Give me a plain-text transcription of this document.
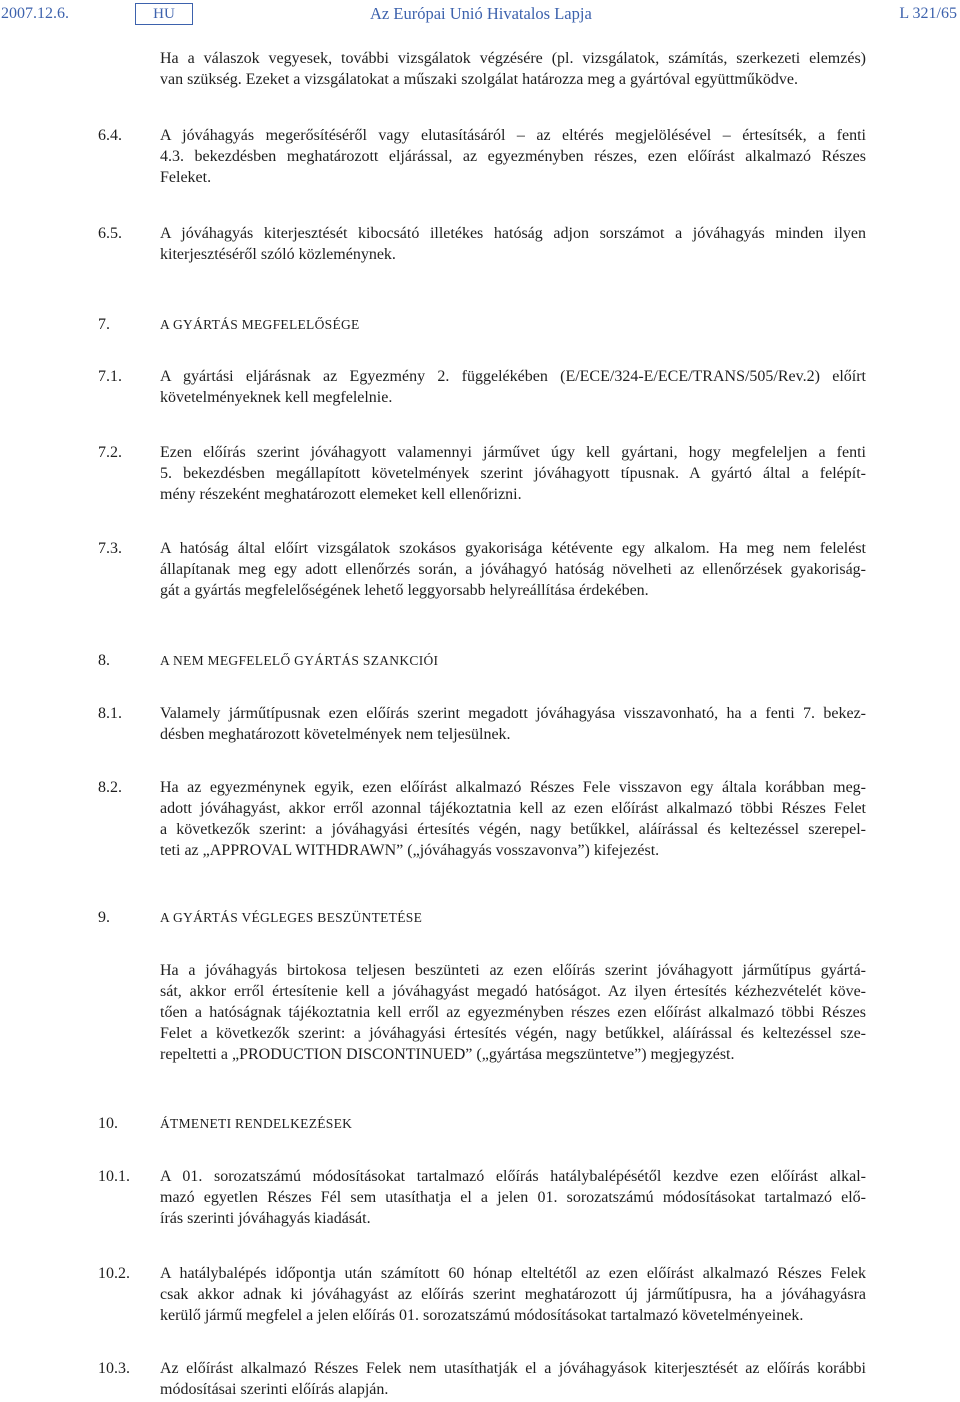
2007.12.6.	HU	Az Európai Unió Hivatalos Lapja	L 321/65
Ha a válaszok vegyesek, további vizsgálatok végzésére (pl. vizsgálatok, számítás, szerkezeti elemzés)
van szükség. Ezeket a vizsgálatokat a műszaki szolgálat határozza meg a gyártóval együttműködve.
6.4. A jóváhagyás megerősítéséről vagy elutasításáról – az eltérés megjelölésével – értesítsék, a fenti
4.3. bekezdésben meghatározott eljárással, az egyezményben részes, ezen előírást alkalmazó Részes
Feleket.
6.5. A jóváhagyás kiterjesztését kibocsátó illetékes hatóság adjon sorszámot a jóváhagyás minden ilyen
kiterjesztéséről szóló közleménynek.
7.	A GYÁRTÁS MEGFELELŐSÉGE
7.1. A gyártási eljárásnak az Egyezmény 2. függelékében (E/ECE/324-E/ECE/TRANS/505/Rev.2) előírt
követelményeknek kell megfelelnie.
7.2. Ezen előírás szerint jóváhagyott valamennyi járművet úgy kell gyártani, hogy megfeleljen a fenti
5. bekezdésben megállapított követelmények szerint jóváhagyott típusnak. A gyártó által a felépít-
mény részeként meghatározott elemeket kell ellenőrizni.
7.3. A hatóság által előírt vizsgálatok szokásos gyakorisága kétévente egy alkalom. Ha meg nem felelést
állapítanak meg egy adott ellenőrzés során, a jóváhagyó hatóság növelheti az ellenőrzések gyakoriság-
gát a gyártás megfelelőségének lehető leggyorsabb helyreállítása érdekében.
8.	A NEM MEGFELELŐ GYÁRTÁS SZANKCIÓI
8.1. Valamely járműtípusnak ezen előírás szerint megadott jóváhagyása visszavonható, ha a fenti 7. bekez-
désben meghatározott követelmények nem teljesülnek.
8.2. Ha az egyezménynek egyik, ezen előírást alkalmazó Részes Fele visszavon egy általa korábban meg-
adott jóváhagyást, akkor erről azonnal tájékoztatnia kell az ezen előírást alkalmazó többi Részes Felet
a következők szerint: a jóváhagyási értesítés végén, nagy betűkkel, aláírással és keltezéssel szerepel-
teti az „APPROVAL WITHDRAWN” („jóváhagyás vosszavonva”) kifejezést.
9.	A GYÁRTÁS VÉGLEGES BESZÜNTETÉSE
Ha a jóváhagyás birtokosa teljesen beszünteti az ezen előírás szerint jóváhagyott járműtípus gyártá-
sát, akkor erről értesítenie kell a jóváhagyást megadó hatóságot. Az ilyen értesítés kézhezvételét köve-
tően a hatóságnak tájékoztatnia kell erről az egyezményben részes ezen előírást alkalmazó többi Részes
Felet a következők szerint: a jóváhagyási értesítés végén, nagy betűkkel, aláírással és keltezéssel sze-
repeltetti a „PRODUCTION DISCONTINUED” („gyártása megszüntetve”) megjegyzést.
10.	ÁTMENETI RENDELKEZÉSEK
10.1. A 01. sorozatszámú módosításokat tartalmazó előírás hatálybalépésétől kezdve ezen előírást alkal-
mazó egyetlen Részes Fél sem utasíthatja el a jelen 01. sorozatszámú módosításokat tartalmazó elő-
írás szerinti jóváhagyás kiadását.
10.2. A hatálybalépés időpontja után számított 60 hónap elteltétől az ezen előírást alkalmazó Részes Felek
csak akkor adnak ki jóváhagyást az előírás szerint meghatározott új járműtípusra, ha a jóváhagyásra
kerülő jármű megfelel a jelen előírás 01. sorozatszámú módosításokat tartalmazó követelményeinek.
10.3. Az előírást alkalmazó Részes Felek nem utasíthatják el a jóváhagyások kiterjesztését az előírás korábbi
módosításai szerinti előírás alapján.
